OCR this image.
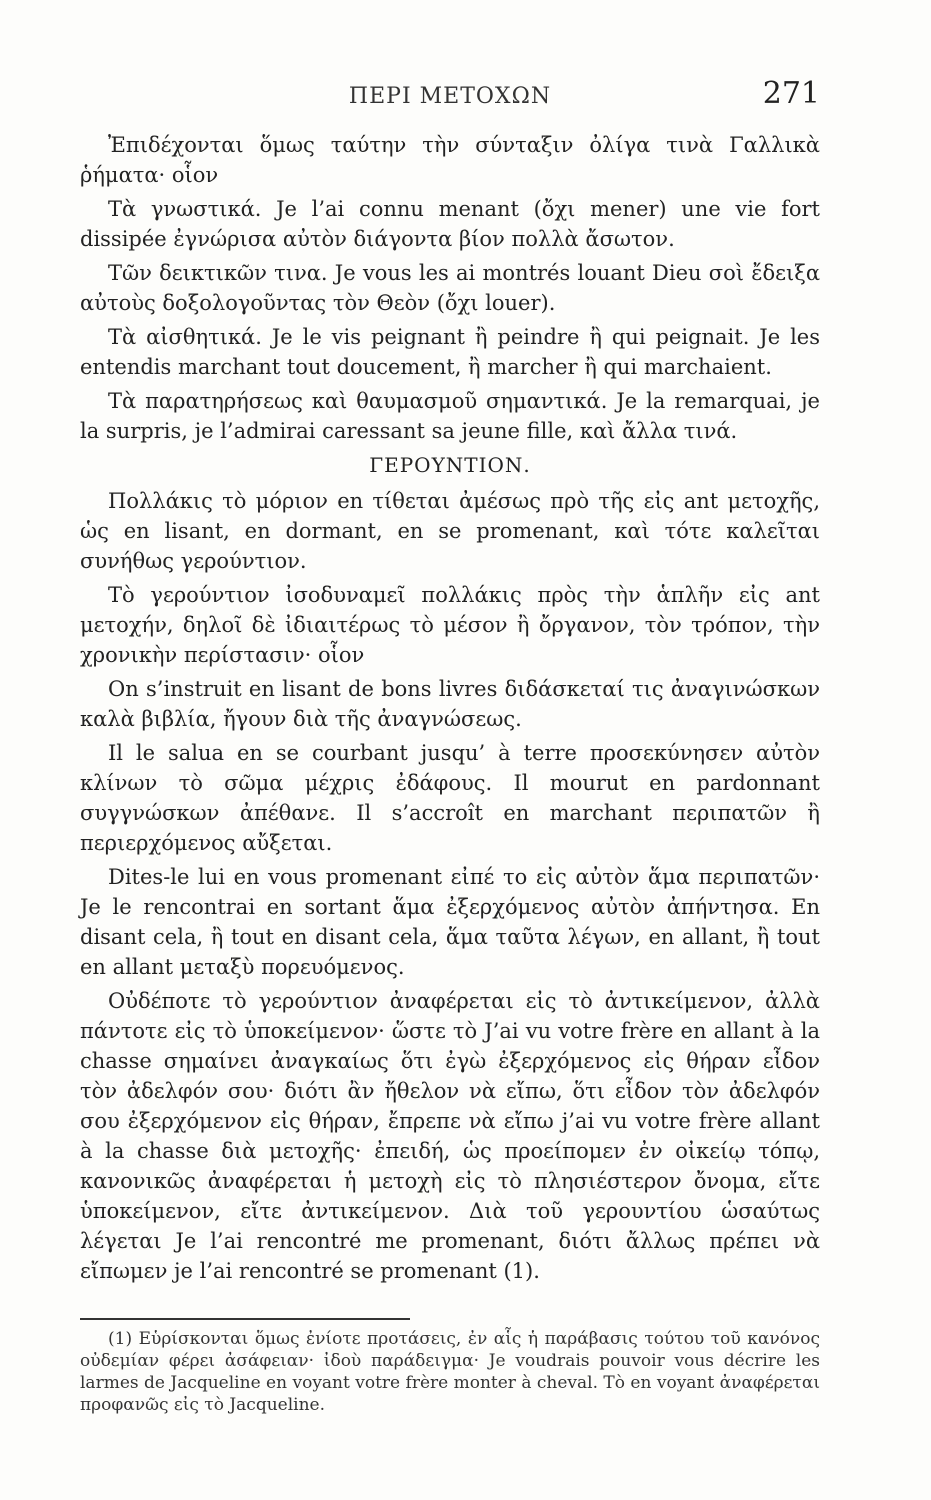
ΠΕΡΙ ΜΕΤΟΧΩΝ	271

Ἐπιδέχονται ὅμως ταύτην τὴν σύνταξιν ὀλίγα τινὰ Γαλλικὰ ῥήματα· οἷον

Τὰ γνωστικά. Je l’ai connu menant (ὄχι mener) une vie fort dissipée ἐγνώρισα αὐτὸν διάγοντα βίον πολλὰ ἄσωτον.

Τῶν δεικτικῶν τινα. Je vous les ai montrés louant Dieu σοὶ ἔδειξα αὐτοὺς δοξολογοῦντας τὸν Θεὸν (ὄχι louer).

Τὰ αἰσθητικά. Je le vis peignant ἢ peindre ἢ qui peignait. Je les entendis marchant tout doucement, ἢ marcher ἢ qui marchaient.

Τὰ παρατηρήσεως καὶ θαυμασμοῦ σημαντικά. Je la remarquai, je la surpris, je l’admirai caressant sa jeune fille, καὶ ἄλλα τινά.

ΓΕΡΟΥΝΤΙΟΝ.

Πολλάκις τὸ μόριον en τίθεται ἀμέσως πρὸ τῆς εἰς ant μετοχῆς, ὡς en lisant, en dormant, en se promenant, καὶ τότε καλεῖται συνήθως γερούντιον.

Τὸ γερούντιον ἰσοδυναμεῖ πολλάκις πρὸς τὴν ἁπλῆν εἰς ant μετοχήν, δηλοῖ δὲ ἰδιαιτέρως τὸ μέσον ἢ ὄργανον, τὸν τρόπον, τὴν χρονικὴν περίστασιν· οἷον

On s’instruit en lisant de bons livres διδάσκεταί τις ἀναγινώσκων καλὰ βιβλία, ἤγουν διὰ τῆς ἀναγνώσεως.

Il le salua en se courbant jusqu’ à terre προσεκύνησεν αὐτὸν κλίνων τὸ σῶμα μέχρις ἐδάφους. Il mourut en pardonnant συγγνώσκων ἀπέθανε. Il s’accroît en marchant περιπατῶν ἢ περιερχόμενος αὔξεται.

Dites-le lui en vous promenant εἰπέ το εἰς αὐτὸν ἅμα περιπατῶν· Je le rencontrai en sortant ἅμα ἐξερχόμενος αὐτὸν ἀπήντησα. En disant cela, ἢ tout en disant cela, ἅμα ταῦτα λέγων, en allant, ἢ tout en allant μεταξὺ πορευόμενος.

Οὐδέποτε τὸ γερούντιον ἀναφέρεται εἰς τὸ ἀντικείμενον, ἀλλὰ πάντοτε εἰς τὸ ὑποκείμενον· ὥστε τὸ J’ai vu votre frère en allant à la chasse σημαίνει ἀναγκαίως ὅτι ἐγὼ ἐξερχόμενος εἰς θήραν εἶδον τὸν ἀδελφόν σου· διότι ἂν ἤθελον νὰ εἴπω, ὅτι εἶδον τὸν ἀδελφόν σου ἐξερχόμενον εἰς θήραν, ἔπρεπε νὰ εἴπω j’ai vu votre frère allant à la chasse διὰ μετοχῆς· ἐπειδή, ὡς προείπομεν ἐν οἰκείῳ τόπῳ, κανονικῶς ἀναφέρεται ἡ μετοχὴ εἰς τὸ πλησιέστερον ὄνομα, εἴτε ὑποκείμενον, εἴτε ἀντικείμενον. Διὰ τοῦ γερουντίου ὡσαύτως λέγεται Je l’ai rencontré me promenant, διότι ἄλλως πρέπει νὰ εἴπωμεν je l’ai rencontré se promenant (1).

(1) Εὑρίσκονται ὅμως ἐνίοτε προτάσεις, ἐν αἷς ἡ παράβασις τούτου τοῦ κανόνος οὐδεμίαν φέρει ἀσάφειαν· ἰδοὺ παράδειγμα· Je voudrais pouvoir vous décrire les larmes de Jacqueline en voyant votre frère monter à cheval. Τὸ en voyant ἀναφέρεται προφανῶς εἰς τὸ Jacqueline.
